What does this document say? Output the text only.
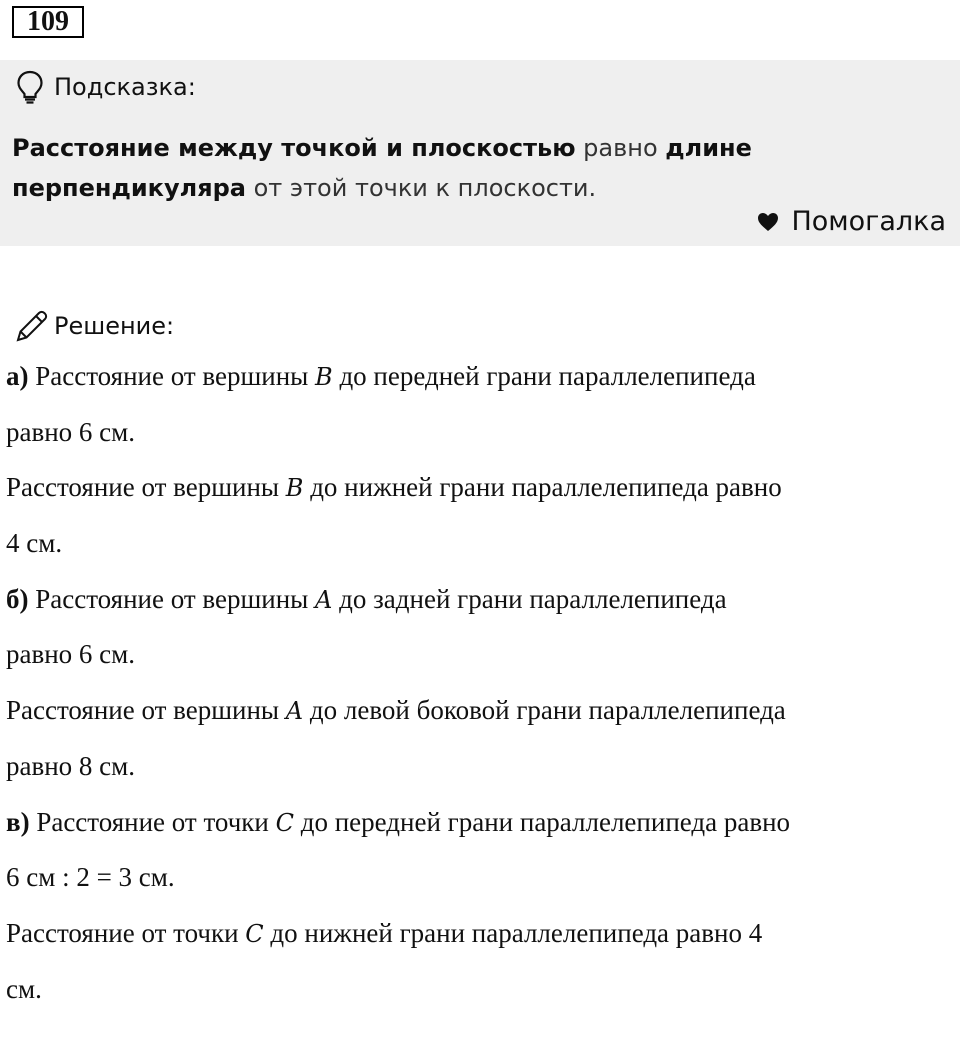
109
Подсказка:
Расстояние между точкой и плоскостью равно длине
перпендикуляра от этой точки к плоскости.
Помогалка
Решение:
а) Расстояние от вершины B до передней грани параллелепипеда
равно 6 см.
Расстояние от вершины B до нижней грани параллелепипеда равно
4 см.
б) Расстояние от вершины A до задней грани параллелепипеда
равно 6 см.
Расстояние от вершины A до левой боковой грани параллелепипеда
равно 8 см.
в) Расстояние от точки C до передней грани параллелепипеда равно
6 см : 2 = 3 см.
Расстояние от точки C до нижней грани параллелепипеда равно 4
см.
